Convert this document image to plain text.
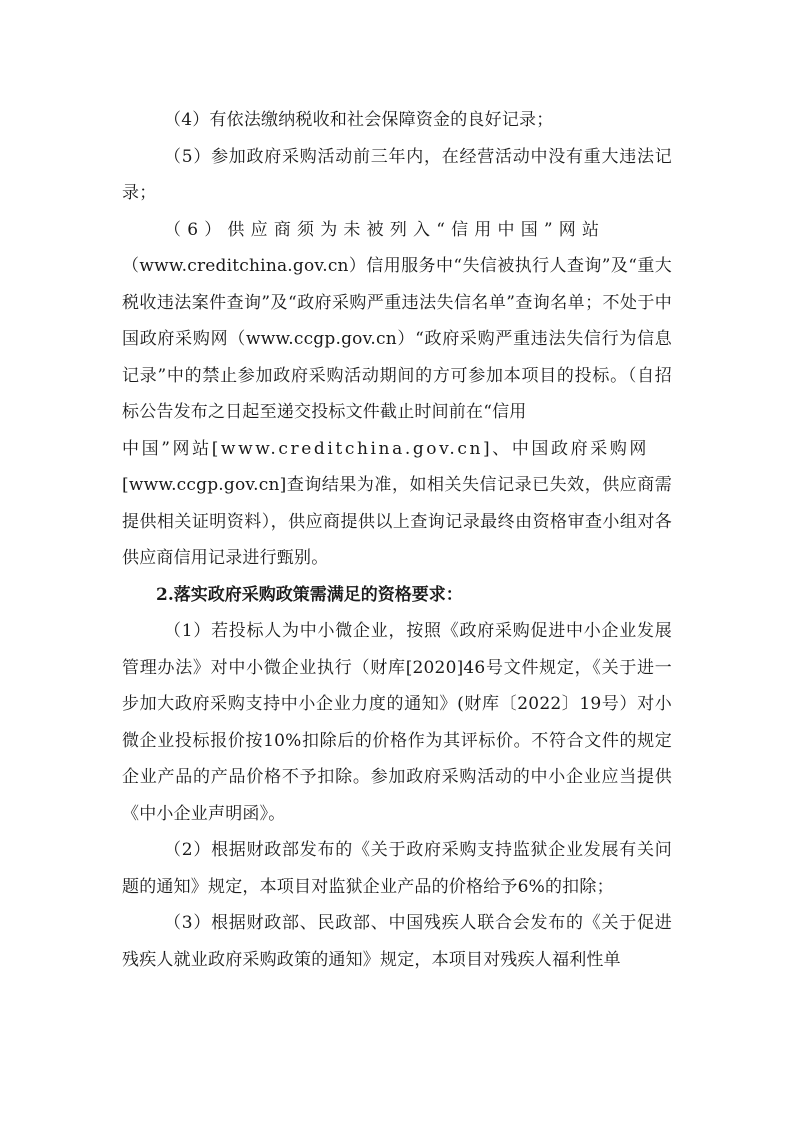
（4）有依法缴纳税收和社会保障资金的良好记录；

（5）参加政府采购活动前三年内，在经营活动中没有重大违法记录；

（6）供应商须为未被列入“信用中国”网站

（www.creditchina.gov.cn）信用服务中“失信被执行人查询”及“重大税收违法案件查询”及“政府采购严重违法失信名单”查询名单；不处于中国政府采购网（www.ccgp.gov.cn）“政府采购严重违法失信行为信息记录”中的禁止参加政府采购活动期间的方可参加本项目的投标。（自招标公告发布之日起至递交投标文件截止时间前在“信用

中国”网站[www.creditchina.gov.cn]、中国政府采购网

[www.ccgp.gov.cn]查询结果为准，如相关失信记录已失效，供应商需提供相关证明资料），供应商提供以上查询记录最终由资格审查小组对各供应商信用记录进行甄别。

2.落实政府采购政策需满足的资格要求：

（1）若投标人为中小微企业，按照《政府采购促进中小企业发展管理办法》对中小微企业执行（财库[2020]46号文件规定，《关于进一步加大政府采购支持中小企业力度的通知》(财库〔2022〕19号）对小微企业投标报价按10%扣除后的价格作为其评标价。不符合文件的规定企业产品的产品价格不予扣除。参加政府采购活动的中小企业应当提供《中小企业声明函》。

（2）根据财政部发布的《关于政府采购支持监狱企业发展有关问题的通知》规定，本项目对监狱企业产品的价格给予6%的扣除；

（3）根据财政部、民政部、中国残疾人联合会发布的《关于促进残疾人就业政府采购政策的通知》规定，本项目对残疾人福利性单
